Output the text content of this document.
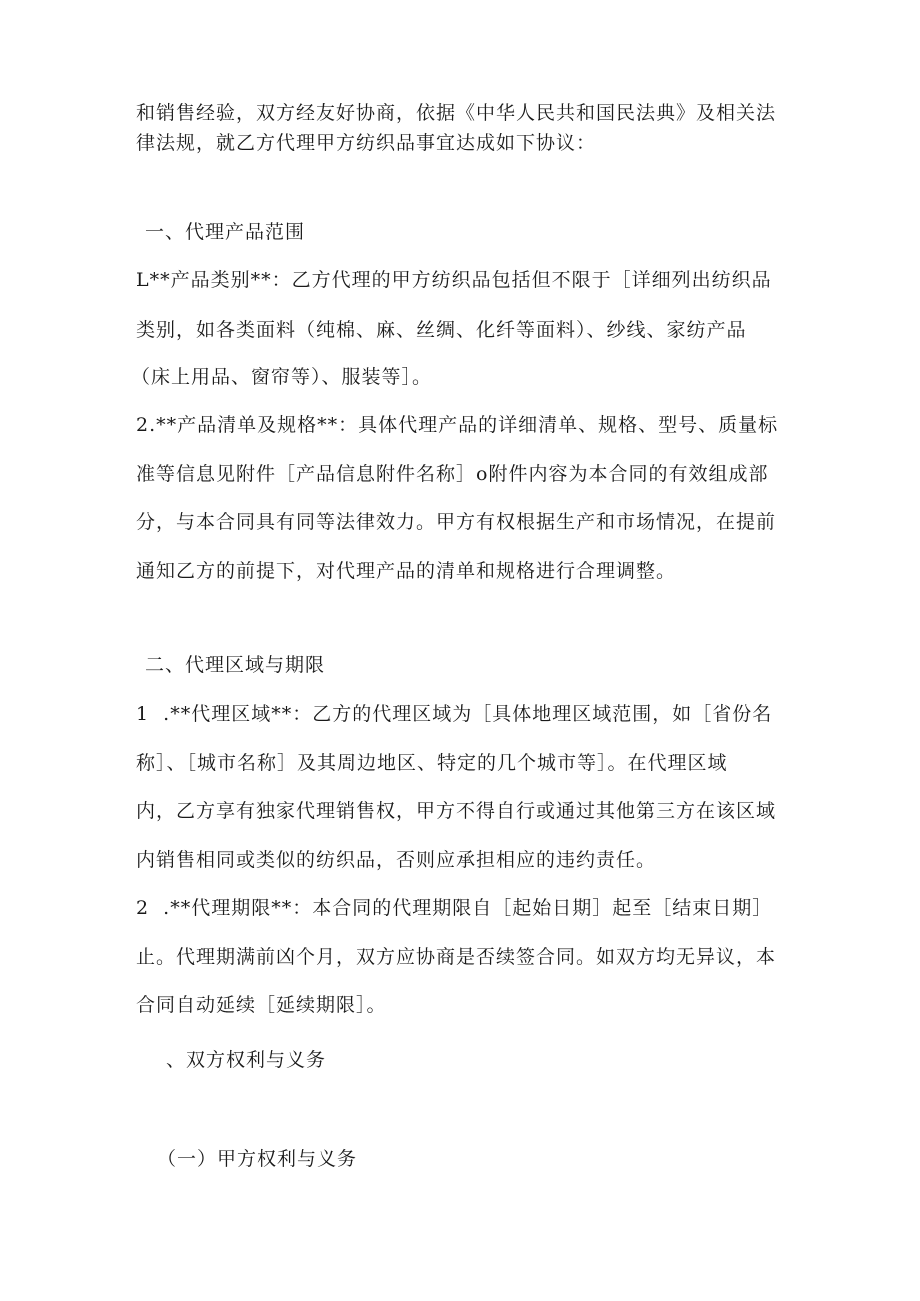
和销售经验，双方经友好协商，依据《中华人民共和国民法典》及相关法
律法规，就乙方代理甲方纺织品事宜达成如下协议：
一、代理产品范围
L**产品类别**：乙方代理的甲方纺织品包括但不限于［详细列出纺织品
类别，如各类面料（纯棉、麻、丝绸、化纤等面料）、纱线、家纺产品
（床上用品、窗帘等）、服装等］。
2.**产品清单及规格**：具体代理产品的详细清单、规格、型号、质量标
准等信息见附件［产品信息附件名称］o附件内容为本合同的有效组成部
分，与本合同具有同等法律效力。甲方有权根据生产和市场情况，在提前
通知乙方的前提下，对代理产品的清单和规格进行合理调整。
二、代理区域与期限
1  .**代理区域**：乙方的代理区域为［具体地理区域范围，如［省份名
称］、［城市名称］及其周边地区、特定的几个城市等］。在代理区域
内，乙方享有独家代理销售权，甲方不得自行或通过其他第三方在该区域
内销售相同或类似的纺织品，否则应承担相应的违约责任。
2  .**代理期限**：本合同的代理期限自［起始日期］起至［结束日期］
止。代理期满前凶个月，双方应协商是否续签合同。如双方均无异议，本
合同自动延续［延续期限］。
、双方权利与义务
（一）甲方权利与义务
